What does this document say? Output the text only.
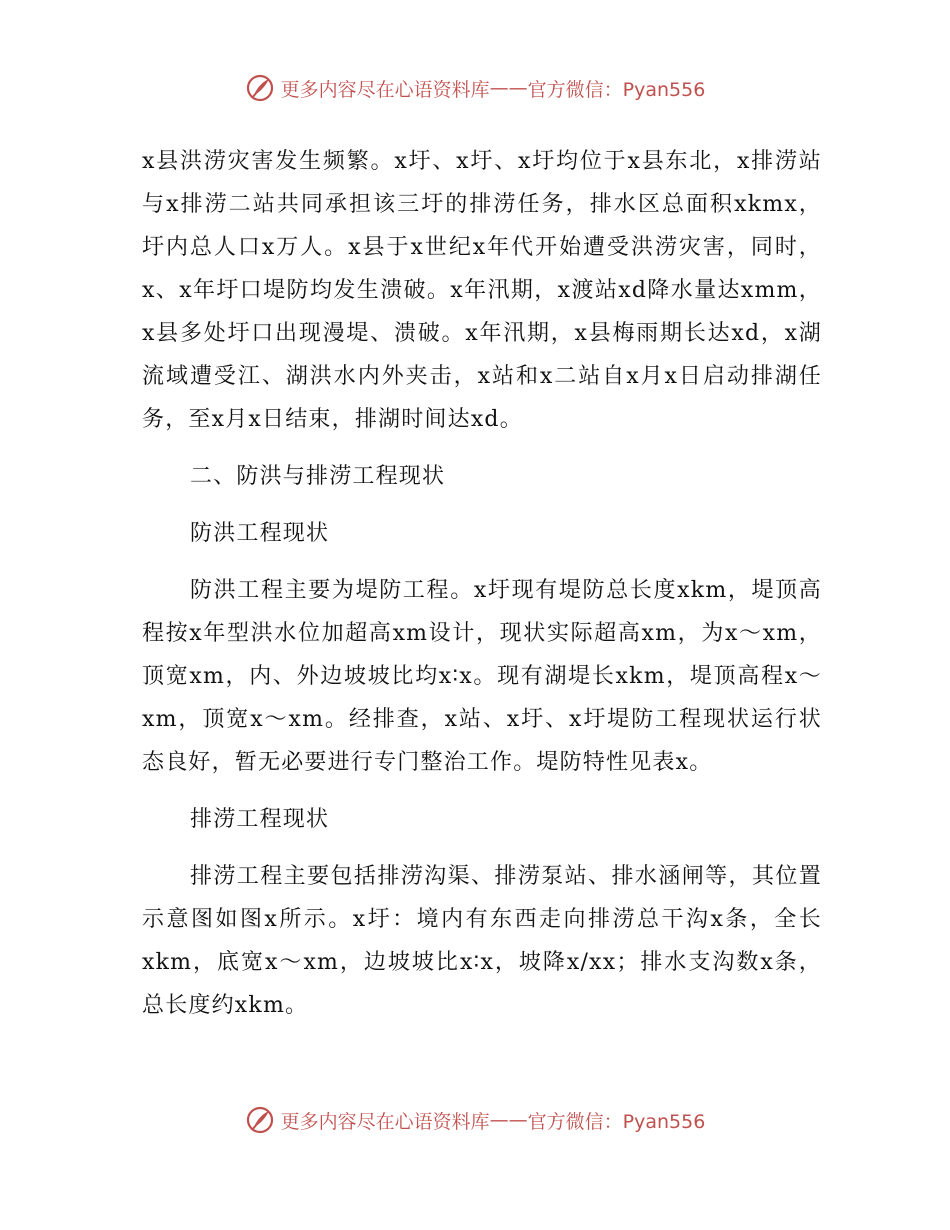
更多内容尽在心语资料库 —— 官方微信：Pyan556

x县洪涝灾害发生频繁。x圩、x圩、x圩均位于x县东北，x排涝站与x排涝二站共同承担该三圩的排涝任务，排水区总面积xkmx，圩内总人口x万人。x县于x世纪x年代开始遭受洪涝灾害，同时，x、x年圩口堤防均发生溃破。x年汛期，x渡站xd降水量达xmm，x县多处圩口出现漫堤、溃破。x年汛期，x县梅雨期长达xd，x湖流域遭受江、湖洪水内外夹击，x站和x二站自x月x日启动排湖任务，至x月x日结束，排湖时间达xd。

二、防洪与排涝工程现状

防洪工程现状

防洪工程主要为堤防工程。x圩现有堤防总长度xkm，堤顶高程按x年型洪水位加超高xm设计，现状实际超高xm，为x～xm，顶宽xm，内、外边坡坡比均x∶x。现有湖堤长xkm，堤顶高程x～xm，顶宽x～xm。经排查，x站、x圩、x圩堤防工程现状运行状态良好，暂无必要进行专门整治工作。堤防特性见表x。

排涝工程现状

排涝工程主要包括排涝沟渠、排涝泵站、排水涵闸等，其位置示意图如图x所示。x圩：境内有东西走向排涝总干沟x条，全长xkm，底宽x～xm，边坡坡比x∶x，坡降x/xx；排水支沟数x条，总长度约xkm。

更多内容尽在心语资料库 —— 官方微信：Pyan556
